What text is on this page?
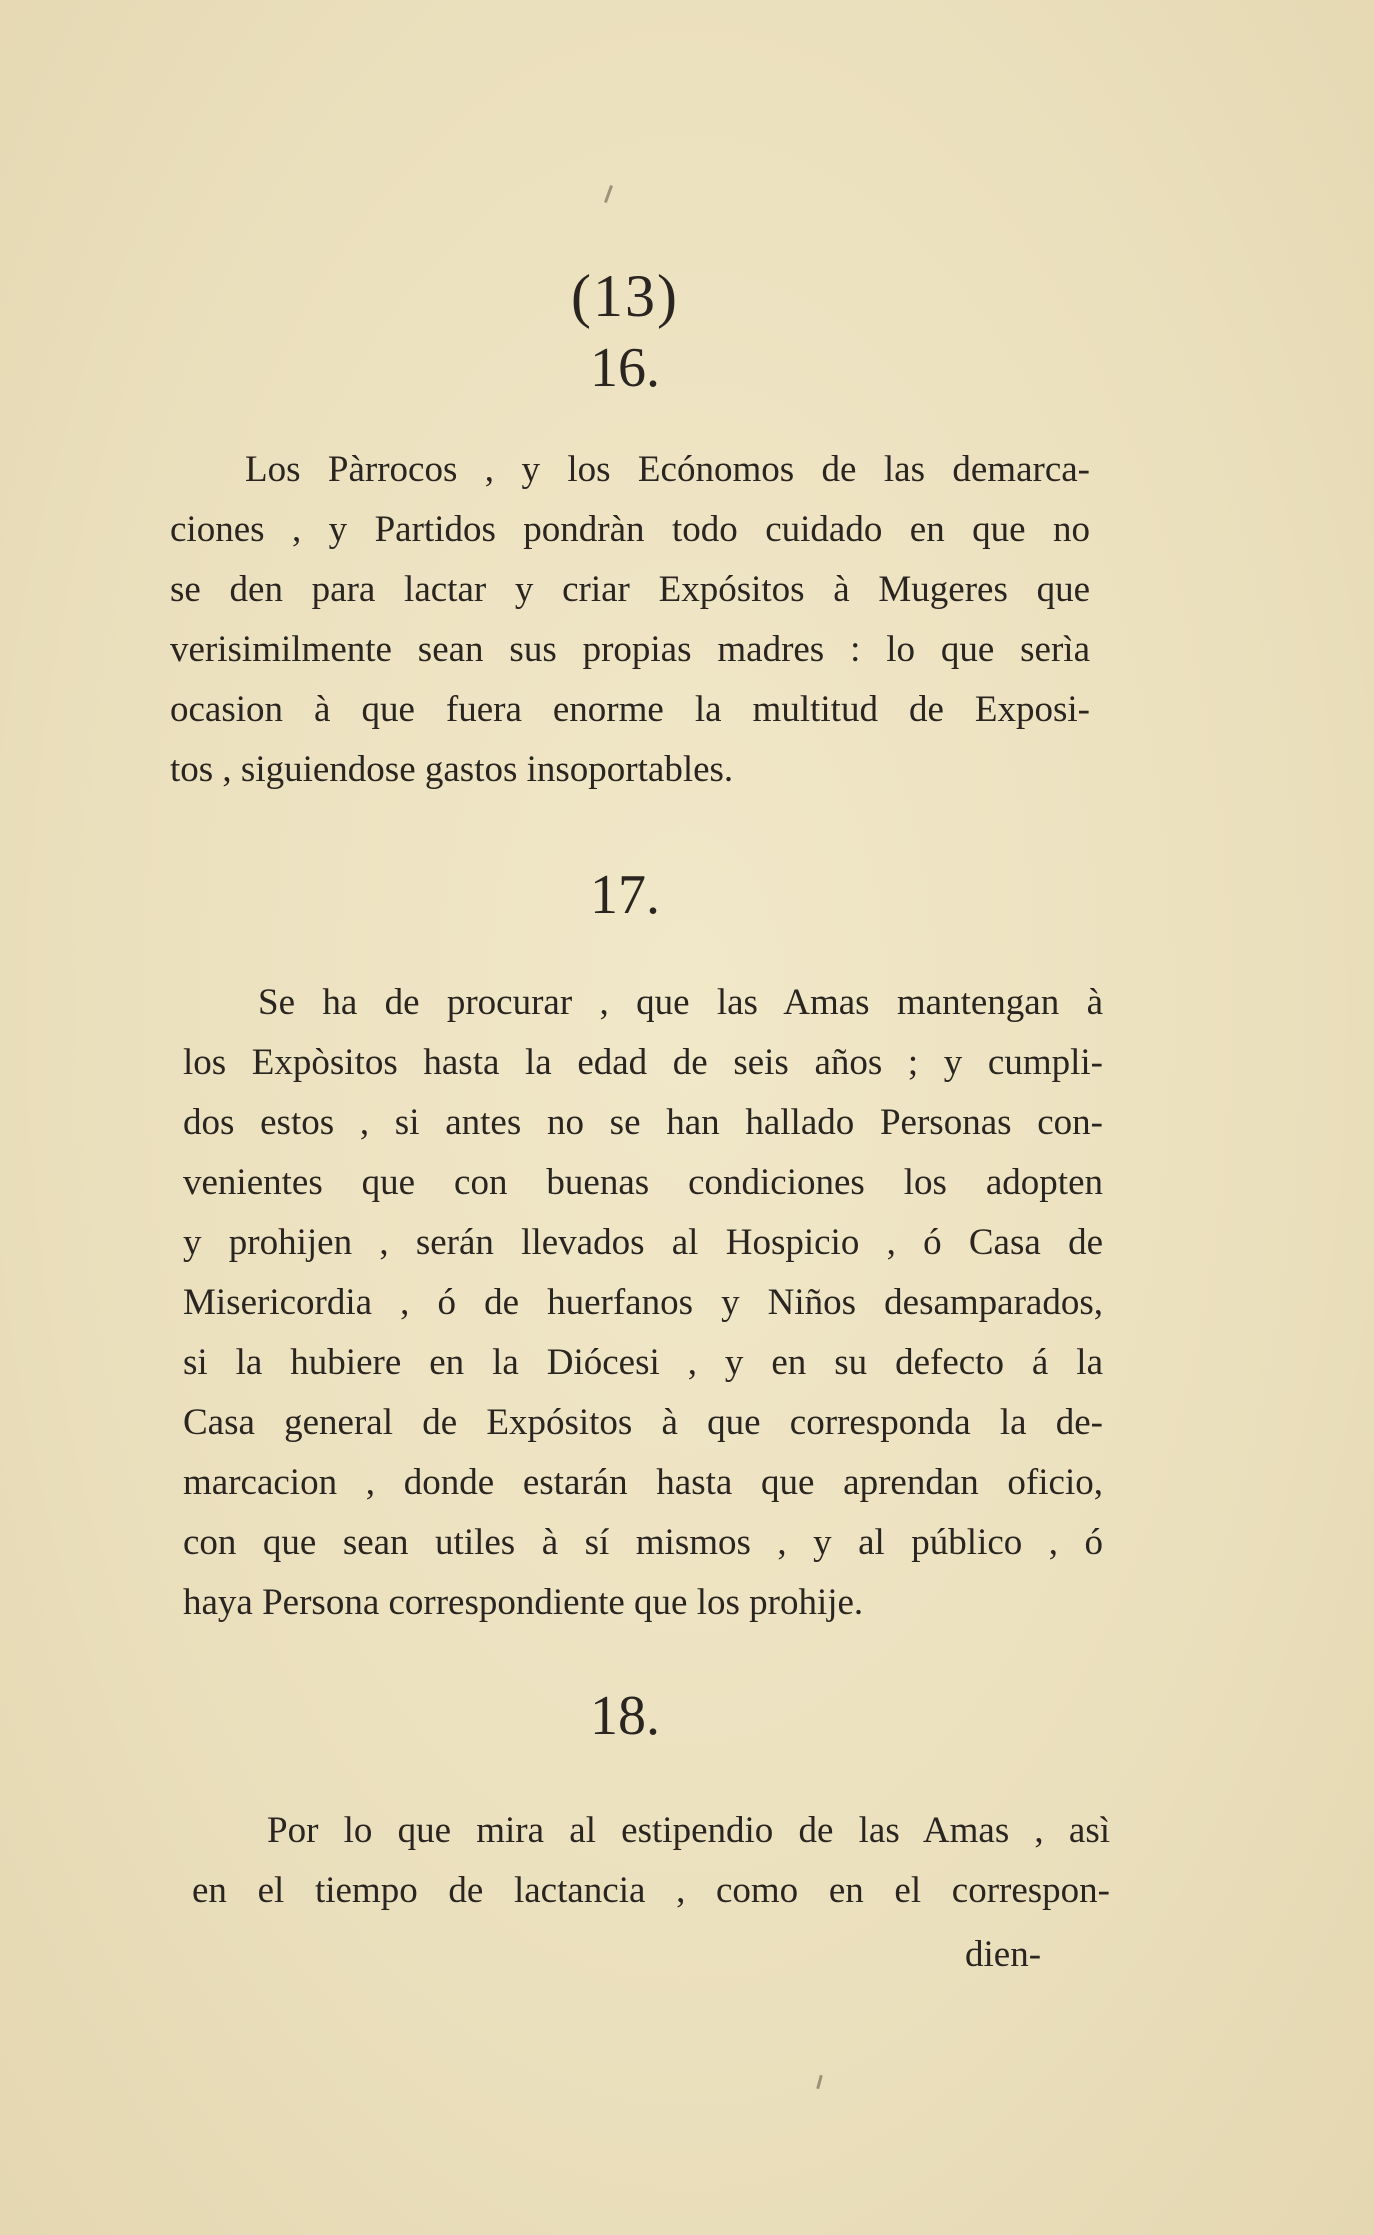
(13)
16.
Los Pàrrocos , y los Ecónomos de las demarca-
ciones , y Partidos pondràn todo cuidado en que no
se den para lactar y criar Expósitos à Mugeres que
verisimilmente sean sus propias madres : lo que serìa
ocasion à que fuera enorme la multitud de Exposi-
tos , siguiendose gastos insoportables.
17.
Se ha de procurar , que las Amas mantengan à
los Expòsitos hasta la edad de seis años ; y cumpli-
dos estos , si antes no se han hallado Personas con-
venientes que con buenas condiciones los adopten
y prohijen , serán llevados al Hospicio , ó Casa de
Misericordia , ó de huerfanos y Niños desamparados,
si la hubiere en la Diócesi , y en su defecto á la
Casa general de Expósitos à que corresponda la de-
marcacion , donde estarán hasta que aprendan oficio,
con que sean utiles à sí mismos , y al público , ó
haya Persona correspondiente que los prohije.
18.
Por lo que mira al estipendio de las Amas , asì
en el tiempo de lactancia , como en el correspon-
dien-
